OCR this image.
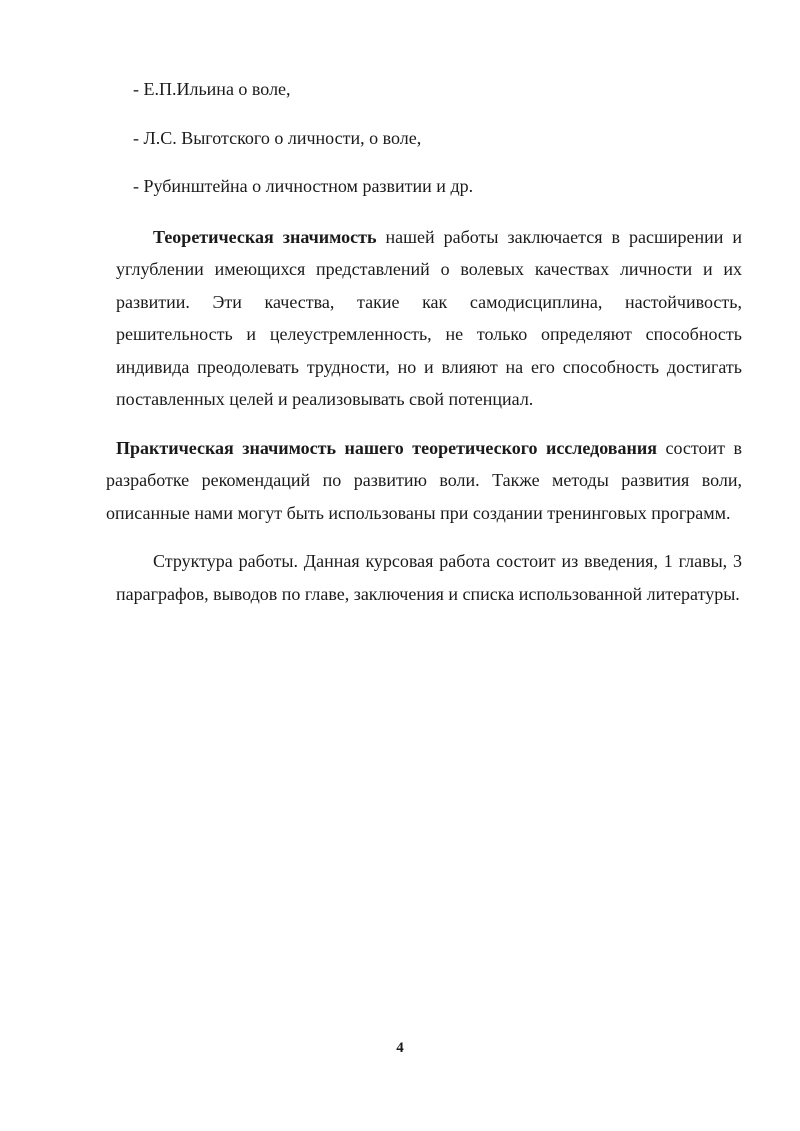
- Е.П.Ильина о воле,
- Л.С. Выготского о личности, о воле,
- Рубинштейна о личностном развитии и др.

Теоретическая значимость нашей работы заключается в расширении и углублении имеющихся представлений о волевых качествах личности и их развитии. Эти качества, такие как самодисциплина, настойчивость, решительность и целеустремленность, не только определяют способность индивида преодолевать трудности, но и влияют на его способность достигать поставленных целей и реализовывать свой потенциал.

Практическая значимость нашего теоретического исследования состоит в разработке рекомендаций по развитию воли. Также методы развития воли, описанные нами могут быть использованы при создании тренинговых программ.

Структура работы. Данная курсовая работа состоит из введения, 1 главы, 3 параграфов, выводов по главе, заключения и списка использованной литературы.

4
